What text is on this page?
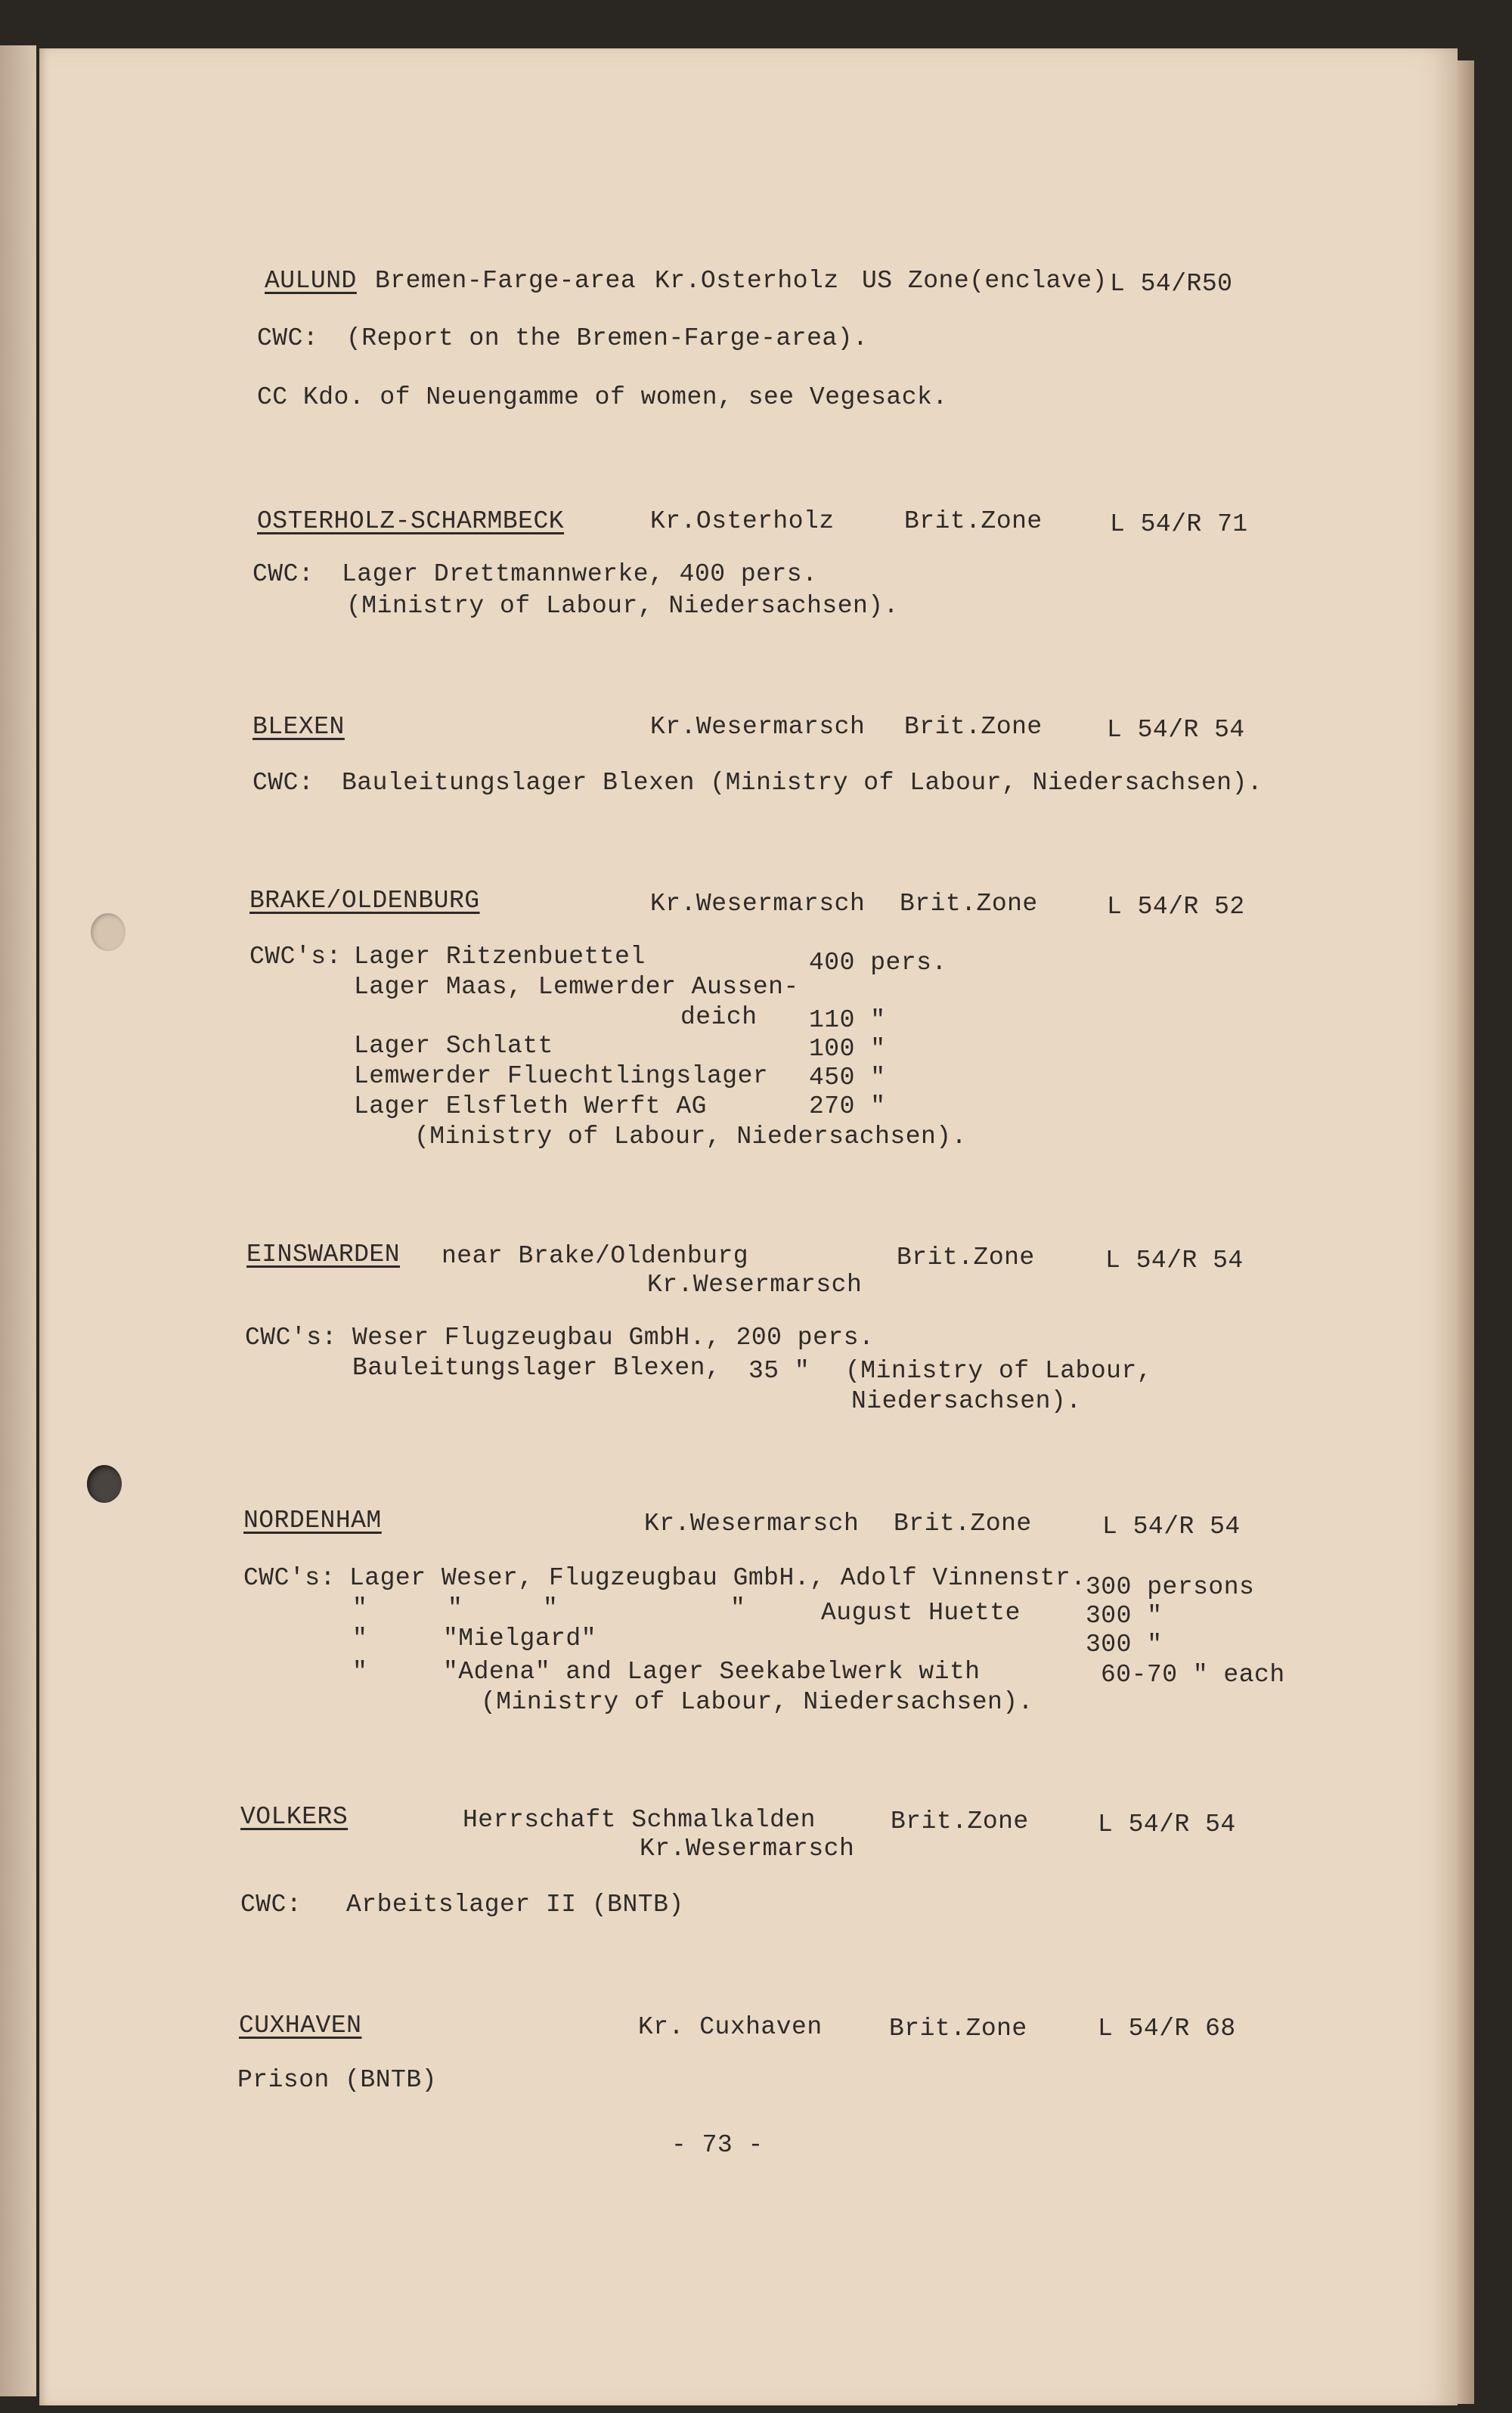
AULUND Bremen-Farge-area Kr.Osterholz US Zone(enclave) L 54/R50
CWC: (Report on the Bremen-Farge-area).
CC Kdo. of Neuengamme of women, see Vegesack.
OSTERHOLZ-SCHARMBECK	Kr.Osterholz	Brit.Zone	L 54/R 71
CWC: Lager Drettmannwerke, 400 pers.
(Ministry of Labour, Niedersachsen).
BLEXEN	Kr.Wesermarsch Brit.Zone	L 54/R 54
CWC: Bauleitungslager Blexen (Ministry of Labour, Niedersachsen).
BRAKE/OLDENBURG	Kr.Wesermarsch Brit.Zone	L 54/R 52
CWC's: Lager Ritzenbuettel	400 pers.
Lager Maas, Lemwerder Aussen-
deich 110 "
Lager Schlatt	100 "
Lemwerder Fluechtlingslager 450 "
Lager Elsfleth Werft AG	270 "
(Ministry of Labour, Niedersachsen).
EINSWARDEN near Brake/Oldenburg	Brit.Zone	L 54/R 54
Kr.Wesermarsch
CWC's: Weser Flugzeugbau GmbH., 200 pers.
Bauleitungslager Blexen, 35 " (Ministry of Labour,
Niedersachsen).
NORDENHAM	Kr.Wesermarsch Brit.Zone	L 54/R 54
CWC's: Lager Weser, Flugzeugbau GmbH., Adolf Vinnenstr. 300 persons
"	"	"	"	August Huette	300 "
"	"Mielgard"	300 "
"	"Adena" and Lager Seekabelwerk with	60-70 " each
(Ministry of Labour, Niedersachsen).
VOLKERS	Herrschaft Schmalkalden	Brit.Zone	L 54/R 54
Kr.Wesermarsch
CWC: Arbeitslager II (BNTB)
CUXHAVEN	Kr. Cuxhaven	Brit.Zone	L 54/R 68
Prison (BNTB)
- 73 -
